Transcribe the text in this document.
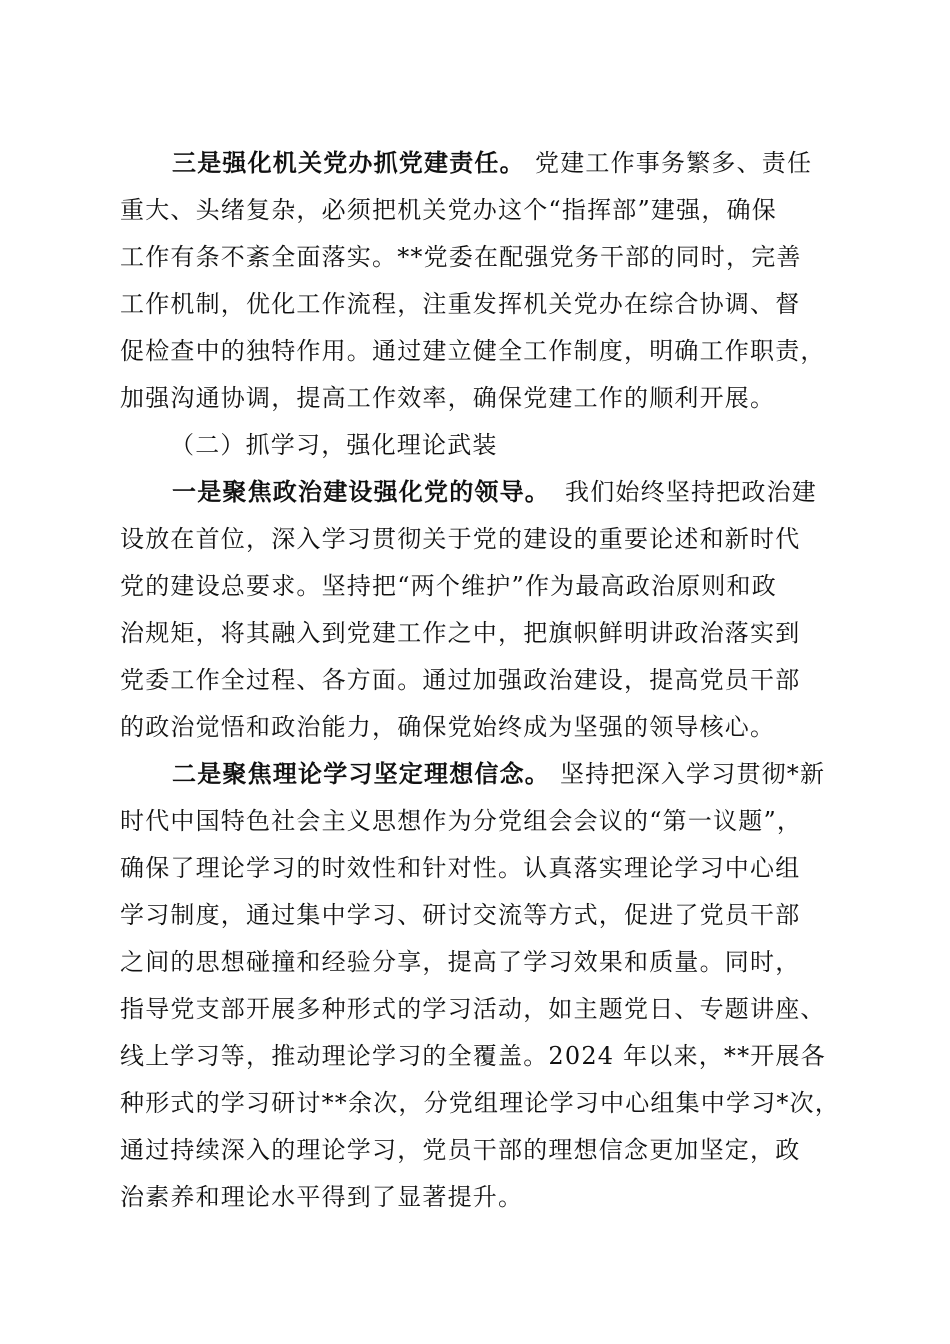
三是强化机关党办抓党建责任。 党建工作事务繁多、责任
重大、头绪复杂，必须把机关党办这个“指挥部”建强，确保
工作有条不紊全面落实。**党委在配强党务干部的同时，完善
工作机制，优化工作流程，注重发挥机关党办在综合协调、督
促检查中的独特作用。通过建立健全工作制度，明确工作职责，
加强沟通协调，提高工作效率，确保党建工作的顺利开展。
（二）抓学习，强化理论武装
一是聚焦政治建设强化党的领导。 我们始终坚持把政治建
设放在首位，深入学习贯彻关于党的建设的重要论述和新时代
党的建设总要求。坚持把“两个维护”作为最高政治原则和政
治规矩，将其融入到党建工作之中，把旗帜鲜明讲政治落实到
党委工作全过程、各方面。通过加强政治建设，提高党员干部
的政治觉悟和政治能力，确保党始终成为坚强的领导核心。
二是聚焦理论学习坚定理想信念。 坚持把深入学习贯彻*新
时代中国特色社会主义思想作为分党组会会议的“第一议题”，
确保了理论学习的时效性和针对性。认真落实理论学习中心组
学习制度，通过集中学习、研讨交流等方式，促进了党员干部
之间的思想碰撞和经验分享，提高了学习效果和质量。同时，
指导党支部开展多种形式的学习活动，如主题党日、专题讲座、
线上学习等，推动理论学习的全覆盖。2024 年以来，**开展各
种形式的学习研讨**余次，分党组理论学习中心组集中学习*次，
通过持续深入的理论学习，党员干部的理想信念更加坚定，政
治素养和理论水平得到了显著提升。
